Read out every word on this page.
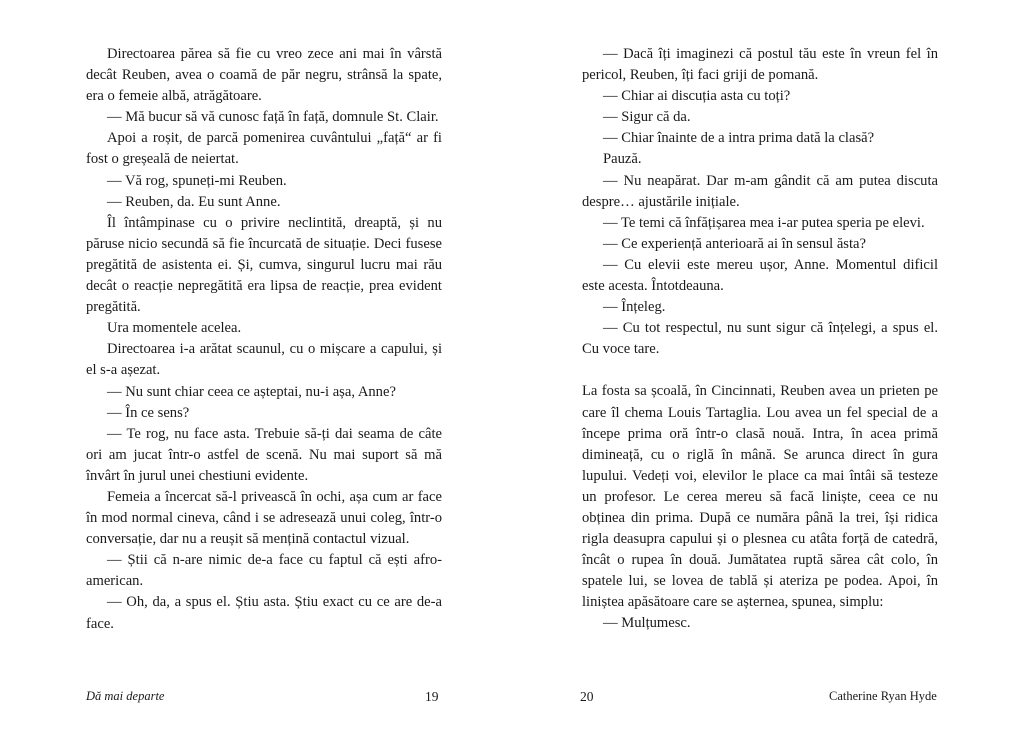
Directoarea părea să fie cu vreo zece ani mai în vârstă decât Reuben, avea o coamă de păr negru, strânsă la spate, era o femeie albă, atrăgătoare.

— Mă bucur să vă cunosc față în față, domnule St. Clair.

Apoi a roșit, de parcă pomenirea cuvântului „față“ ar fi fost o greșeală de neiertat.

— Vă rog, spuneți-mi Reuben.

— Reuben, da. Eu sunt Anne.

Îl întâmpinase cu o privire neclintită, dreaptă, și nu păruse nicio secundă să fie încurcată de situație. Deci fusese pregătită de asistenta ei. Și, cumva, singurul lucru mai rău decât o reacție nepregătită era lipsa de reacție, prea evident pregătită.

Ura momentele acelea.

Directoarea i-a arătat scaunul, cu o mișcare a capului, și el s-a așezat.

— Nu sunt chiar ceea ce așteptai, nu-i așa, Anne?

— În ce sens?

— Te rog, nu face asta. Trebuie să-ți dai seama de câte ori am jucat într-o astfel de scenă. Nu mai suport să mă învârt în jurul unei chestiuni evidente.

Femeia a încercat să-l privească în ochi, așa cum ar face în mod normal cineva, când i se adresează unui coleg, într-o conversație, dar nu a reușit să mențină contactul vizual.

— Știi că n-are nimic de-a face cu faptul că ești afro-american.

— Oh, da, a spus el. Știu asta. Știu exact cu ce are de-a face.

— Dacă îți imaginezi că postul tău este în vreun fel în pericol, Reuben, îți faci griji de pomană.

— Chiar ai discuția asta cu toți?

— Sigur că da.

— Chiar înainte de a intra prima dată la clasă?

Pauză.

— Nu neapărat. Dar m-am gândit că am putea discuta despre… ajustările inițiale.

— Te temi că înfățișarea mea i-ar putea speria pe elevi.

— Ce experiență anterioară ai în sensul ăsta?

— Cu elevii este mereu ușor, Anne. Momentul dificil este acesta. Întotdeauna.

— Înțeleg.

— Cu tot respectul, nu sunt sigur că înțelegi, a spus el. Cu voce tare.

La fosta sa școală, în Cincinnati, Reuben avea un prieten pe care îl chema Louis Tartaglia. Lou avea un fel special de a începe prima oră într-o clasă nouă. Intra, în acea primă dimineață, cu o riglă în mână. Se arunca direct în gura lupului. Vedeți voi, elevilor le place ca mai întâi să testeze un profesor. Le cerea mereu să facă liniște, ceea ce nu obținea din prima. După ce număra până la trei, își ridica rigla deasupra capului și o plesnea cu atâta forță de catedră, încât o rupea în două. Jumătatea ruptă sărea cât colo, în spatele lui, se lovea de tablă și ateriza pe podea. Apoi, în liniștea apăsătoare care se așternea, spunea, simplu:

— Mulțumesc.

Dă mai departe	19	20	Catherine Ryan Hyde
